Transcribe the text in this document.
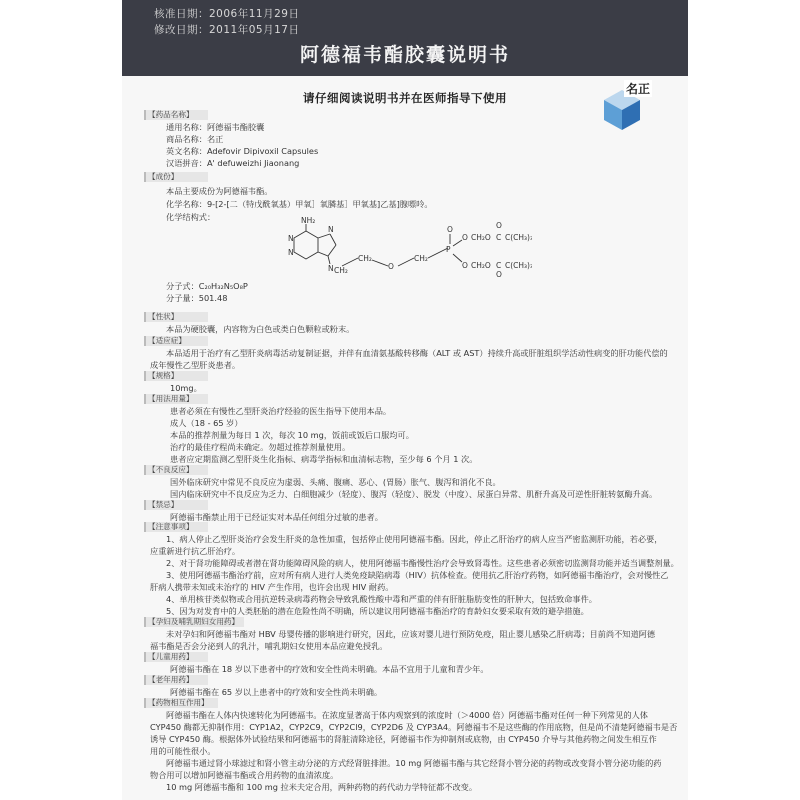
核准日期：2006年11月29日
修改日期：2011年05月17日
阿德福韦酯胶囊说明书
名正
请仔细阅读说明书并在医师指导下使用
【药品名称】
通用名称：阿德福韦酯胶囊
商品名称：名正
英文名称：Adefovir Dipivoxil Capsules
汉语拼音：A' defuweizhi Jiaonang
【成份】
本品主要成份为阿德福韦酯。
化学名称：9-[2-[二（特戊酰氧基）甲氧］氧膦基］甲氧基]乙基]腺嘌呤。
化学结构式：	NH₂
N
N
N
N CH₂
CH₂
O
CH₂
P
O
O
O
CH₂O
CH₂O
C
C
O
O
C(CH₃)₃
C(CH₃)₃
分子式：C₂₀H₃₂N₅O₈P
分子量：501.48
【性状】
本品为硬胶囊，内容物为白色或类白色颗粒或粉末。
【适应症】
本品适用于治疗有乙型肝炎病毒活动复制证据，并伴有血清氨基酸转移酶（ALT 或 AST）持续升高或肝脏组织学活动性病变的肝功能代偿的
成年慢性乙型肝炎患者。
【规格】
10mg。
【用法用量】
患者必须在有慢性乙型肝炎治疗经验的医生指导下使用本品。
成人（18 - 65 岁）
本品的推荐剂量为每日 1 次，每次 10 mg，饭前或饭后口服均可。
治疗的最佳疗程尚未确定。勿超过推荐剂量使用。
患者应定期监测乙型肝炎生化指标、病毒学指标和血清标志物，至少每 6 个月 1 次。
【不良反应】
国外临床研究中常见不良反应为虚弱、头痛、腹痛、恶心、(胃肠）胀气、腹泻和消化不良。
国内临床研究中不良反应为乏力、白细胞减少（轻度）、腹泻（轻度）、脱发（中度）、尿蛋白异常、肌酐升高及可逆性肝脏转氨酶升高。
【禁忌】
阿德福韦酯禁止用于已经证实对本品任何组分过敏的患者。
【注意事项】
1、病人停止乙型肝炎治疗会发生肝炎的急性加重，包括停止使用阿德福韦酯。因此，停止乙肝治疗的病人应当严密监测肝功能，若必要，
应重新进行抗乙肝治疗。
2、对于肾功能障碍或者潜在肾功能障碍风险的病人，使用阿德福韦酯慢性治疗会导致肾毒性。这些患者必须密切监测肾功能并适当调整剂量。
3、使用阿德福韦酯治疗前，应对所有病人进行人类免疫缺陷病毒（HIV）抗体检查。使用抗乙肝治疗药物，如阿德福韦酯治疗，会对慢性乙
肝病人携带未知或未治疗的 HIV 产生作用，也许会出现 HIV 耐药。
4、单用核苷类似物或合用抗逆转录病毒药物会导致乳酸性酸中毒和严重的伴有肝脏脂肪变性的肝肿大，包括致命事件。
5、因为对发育中的人类胚胎的潜在危险性尚不明确，所以建议用阿德福韦酯治疗的育龄妇女要采取有效的避孕措施。
【孕妇及哺乳期妇女用药】
未对孕妇和阿德福韦酯对 HBV 母婴传播的影响进行研究，因此，应该对婴儿进行预防免疫，阻止婴儿感染乙肝病毒；目前尚不知道阿德
福韦酯是否会分泌到人的乳汁，哺乳期妇女使用本品应避免授乳。
【儿童用药】
阿德福韦酯在 18 岁以下患者中的疗效和安全性尚未明确。本品不宜用于儿童和青少年。
【老年用药】
阿德福韦酯在 65 岁以上患者中的疗效和安全性尚未明确。
【药物相互作用】
阿德福韦酯在人体内快速转化为阿德福韦。在浓度显著高于体内观察到的浓度时（＞4000 倍）阿德福韦酯对任何一种下列常见的人体
CYP450 酶都无抑制作用：CYP1A2，CYP2C9，CYP2Cl9，CYP2D6 及 CYP3A4。阿德福韦不是这些酶的作用底物，但是尚不清楚阿德福韦是否
诱导 CYP450 酶。根据体外试验结果和阿德福韦的肾脏清除途径，阿德福韦作为抑制剂或底物，由 CYP450 介导与其他药物之间发生相互作
用的可能性很小。
阿德福韦通过肾小球滤过和肾小管主动分泌的方式经肾脏排泄。10 mg 阿德福韦酯与其它经肾小管分泌的药物或改变肾小管分泌功能的药
物合用可以增加阿德福韦酯或合用药物的血清浓度。
10 mg 阿德福韦酯和 100 mg 拉米夫定合用，两种药物的药代动力学特征都不改变。
